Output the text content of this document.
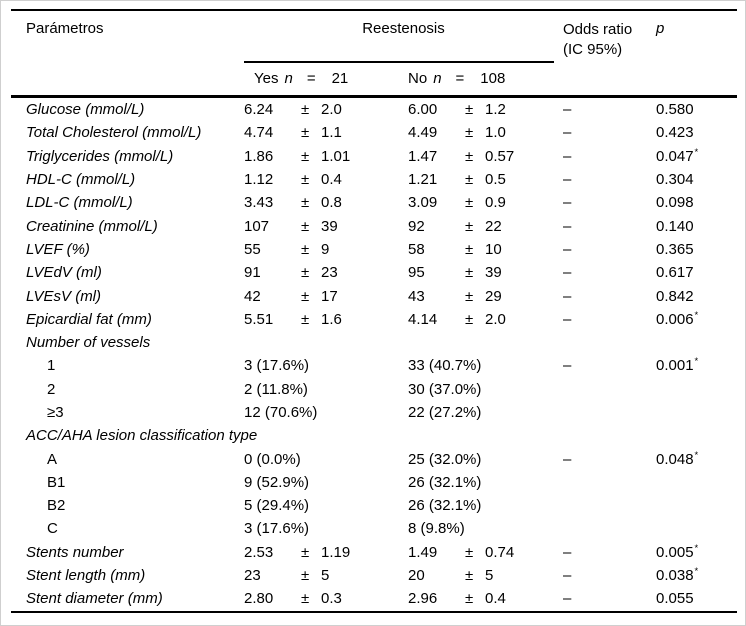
Parámetros	Reestenosis
Yes n = 21	No n = 108
Odds ratio
(IC 95%)
p
Glucose (mmol/L)	6.24	± 2.0	6.00	± 1.2	–	0.580
Total Cholesterol (mmol/L)	4.74	± 1.1	4.49	± 1.0	–	0.423
Triglycerides (mmol/L)	1.86	± 1.01	1.47	± 0.57	–	0.047*
HDL-C (mmol/L)	1.12	± 0.4	1.21	± 0.5	–	0.304
LDL-C (mmol/L)	3.43	± 0.8	3.09	± 0.9	–	0.098
Creatinine (mmol/L)	107	± 39	92	± 22	–	0.140
LVEF (%)	55	± 9	58	± 10	–	0.365
LVEdV (ml)	91	± 23	95	± 39	–	0.617
LVEsV (ml)	42	± 17	43	± 29	–	0.842
Epicardial fat (mm)	5.51	± 1.6	4.14	± 2.0	–	0.006*
Number of vessels
1	3 (17.6%)	33 (40.7%)	–	0.001*
2	2 (11.8%)	30 (37.0%)
≥3	12 (70.6%)	22 (27.2%)
ACC/AHA lesion classification type
A	0 (0.0%)	25 (32.0%)	–	0.048*
B1	9 (52.9%)	26 (32.1%)
B2	5 (29.4%)	26 (32.1%)
C	3 (17.6%)	8 (9.8%)
Stents number	2.53	± 1.19	1.49	± 0.74	–	0.005*
Stent length (mm)	23	± 5	20	± 5	–	0.038*
Stent diameter (mm)	2.80	± 0.3	2.96	± 0.4	–	0.055
